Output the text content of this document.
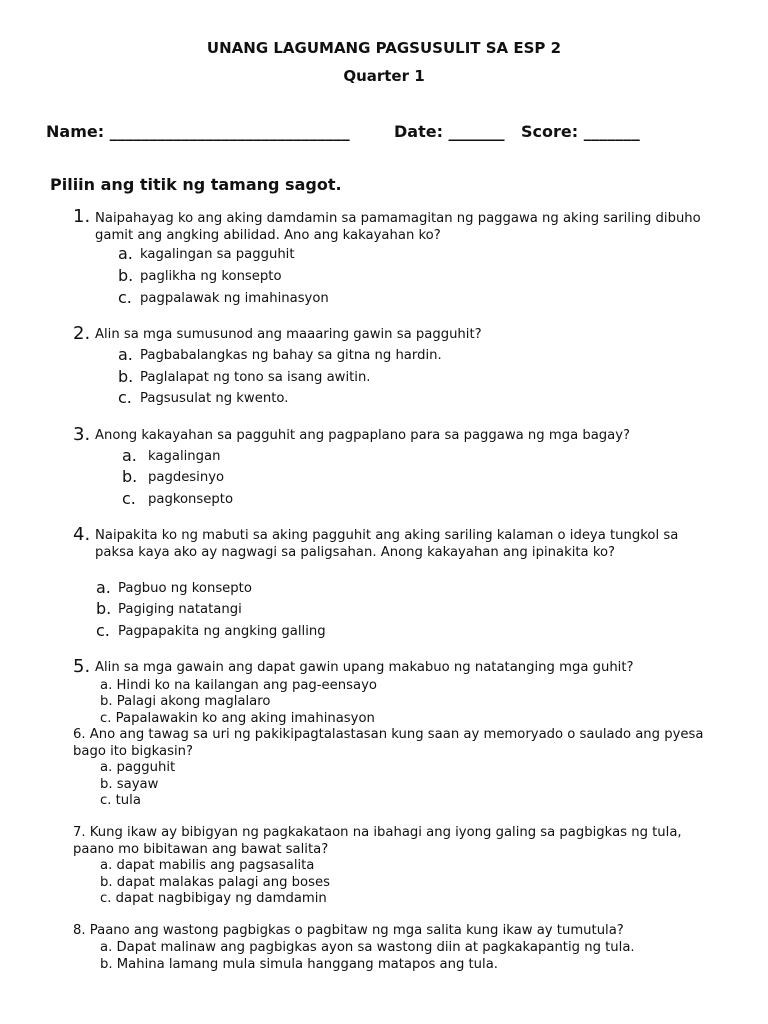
UNANG LAGUMANG PAGSUSULIT SA ESP 2
Quarter 1
Name: ______________________________	Date: _______ Score: _______
Piliin ang titik ng tamang sagot.
1. Naipahayag ko ang aking damdamin sa pamamagitan ng paggawa ng aking sariling dibuho gamit ang angking abilidad. Ano ang kakayahan ko?
a. kagalingan sa pagguhit
b. paglikha ng konsepto
c. pagpalawak ng imahinasyon
2. Alin sa mga sumusunod ang maaaring gawin sa pagguhit?
a. Pagbabalangkas ng bahay sa gitna ng hardin.
b. Paglalapat ng tono sa isang awitin.
c. Pagsusulat ng kwento.
3. Anong kakayahan sa pagguhit ang pagpaplano para sa paggawa ng mga bagay?
a. kagalingan
b. pagdesinyo
c. pagkonsepto
4. Naipakita ko ng mabuti sa aking pagguhit ang aking sariling kalaman o ideya tungkol sa paksa kaya ako ay nagwagi sa paligsahan. Anong kakayahan ang ipinakita ko?
a. Pagbuo ng konsepto
b. Pagiging natatangi
c. Pagpapakita ng angking galling
5. Alin sa mga gawain ang dapat gawin upang makabuo ng natatanging mga guhit?
a. Hindi ko na kailangan ang pag-eensayo
b. Palagi akong maglalaro
c. Papalawakin ko ang aking imahinasyon
6. Ano ang tawag sa uri ng pakikipagtalastasan kung saan ay memoryado o saulado ang pyesa bago ito bigkasin?
a. pagguhit
b. sayaw
c. tula
7. Kung ikaw ay bibigyan ng pagkakataon na ibahagi ang iyong galing sa pagbigkas ng tula, paano mo bibitawan ang bawat salita?
a. dapat mabilis ang pagsasalita
b. dapat malakas palagi ang boses
c. dapat nagbibigay ng damdamin
8. Paano ang wastong pagbigkas o pagbitaw ng mga salita kung ikaw ay tumutula?
a. Dapat malinaw ang pagbigkas ayon sa wastong diin at pagkakapantig ng tula.
b. Mahina lamang mula simula hanggang matapos ang tula.
